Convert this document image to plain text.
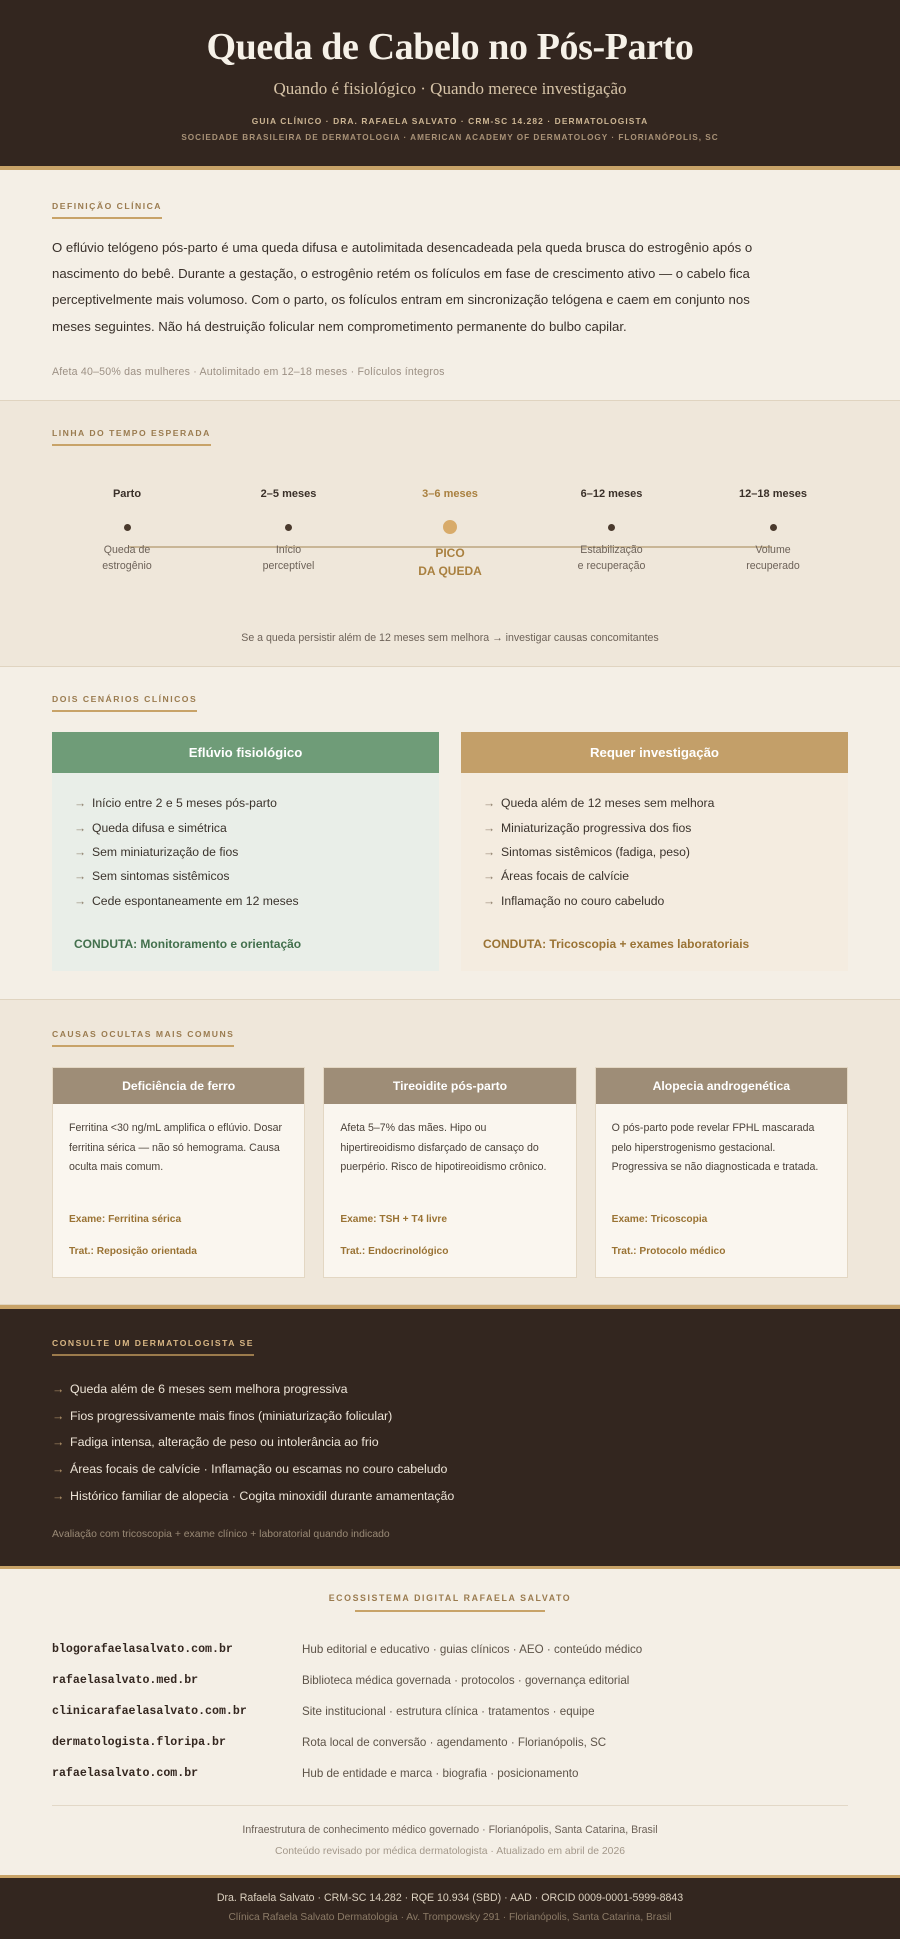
Queda de Cabelo no Pós-Parto
Quando é fisiológico · Quando merece investigação
GUIA CLÍNICO · DRA. RAFAELA SALVATO · CRM-SC 14.282 · DERMATOLOGISTA
SOCIEDADE BRASILEIRA DE DERMATOLOGIA · AMERICAN ACADEMY OF DERMATOLOGY · FLORIANÓPOLIS, SC
DEFINIÇÃO CLÍNICA
O eflúvio telógeno pós-parto é uma queda difusa e autolimitada desencadeada pela queda brusca do estrogênio após o nascimento do bebê. Durante a gestação, o estrogênio retém os folículos em fase de crescimento ativo — o cabelo fica perceptivelmente mais volumoso. Com o parto, os folículos entram em sincronização telógena e caem em conjunto nos meses seguintes. Não há destruição folicular nem comprometimento permanente do bulbo capilar.
Afeta 40–50% das mulheres · Autolimitado em 12–18 meses · Folículos íntegros
LINHA DO TEMPO ESPERADA
Parto
Queda de
estrogênio
2–5 meses
Início
perceptível
3–6 meses
PICO
DA QUEDA
6–12 meses
Estabilização
e recuperação
12–18 meses
Volume
recuperado
Se a queda persistir além de 12 meses sem melhora → investigar causas concomitantes
DOIS CENÁRIOS CLÍNICOS
Eflúvio fisiológico
→ Início entre 2 e 5 meses pós-parto
→ Queda difusa e simétrica
→ Sem miniaturização de fios
→ Sem sintomas sistêmicos
→ Cede espontaneamente em 12 meses
CONDUTA: Monitoramento e orientação
Requer investigação
→ Queda além de 12 meses sem melhora
→ Miniaturização progressiva dos fios
→ Sintomas sistêmicos (fadiga, peso)
→ Áreas focais de calvície
→ Inflamação no couro cabeludo
CONDUTA: Tricoscopia + exames laboratoriais
CAUSAS OCULTAS MAIS COMUNS
Deficiência de ferro
Ferritina <30 ng/mL amplifica o eflúvio. Dosar ferritina sérica — não só hemograma. Causa oculta mais comum.
Exame: Ferritina sérica
Trat.: Reposição orientada
Tireoidite pós-parto
Afeta 5–7% das mães. Hipo ou hipertireoidismo disfarçado de cansaço do puerpério. Risco de hipotireoidismo crônico.
Exame: TSH + T4 livre
Trat.: Endocrinológico
Alopecia androgenética
O pós-parto pode revelar FPHL mascarada pelo hiperstrogenismo gestacional. Progressiva se não diagnosticada e tratada.
Exame: Tricoscopia
Trat.: Protocolo médico
CONSULTE UM DERMATOLOGISTA SE
→ Queda além de 6 meses sem melhora progressiva
→ Fios progressivamente mais finos (miniaturização folicular)
→ Fadiga intensa, alteração de peso ou intolerância ao frio
→ Áreas focais de calvície · Inflamação ou escamas no couro cabeludo
→ Histórico familiar de alopecia · Cogita minoxidil durante amamentação
Avaliação com tricoscopia + exame clínico + laboratorial quando indicado
ECOSSISTEMA DIGITAL RAFAELA SALVATO
blogorafaelasalvato.com.br	Hub editorial e educativo · guias clínicos · AEO · conteúdo médico
rafaelasalvato.med.br	Biblioteca médica governada · protocolos · governança editorial
clinicarafaelasalvato.com.br	Site institucional · estrutura clínica · tratamentos · equipe
dermatologista.floripa.br	Rota local de conversão · agendamento · Florianópolis, SC
rafaelasalvato.com.br	Hub de entidade e marca · biografia · posicionamento
Infraestrutura de conhecimento médico governado · Florianópolis, Santa Catarina, Brasil
Conteúdo revisado por médica dermatologista · Atualizado em abril de 2026
Dra. Rafaela Salvato · CRM-SC 14.282 · RQE 10.934 (SBD) · AAD · ORCID 0009-0001-5999-8843
Clínica Rafaela Salvato Dermatologia · Av. Trompowsky 291 · Florianópolis, Santa Catarina, Brasil
